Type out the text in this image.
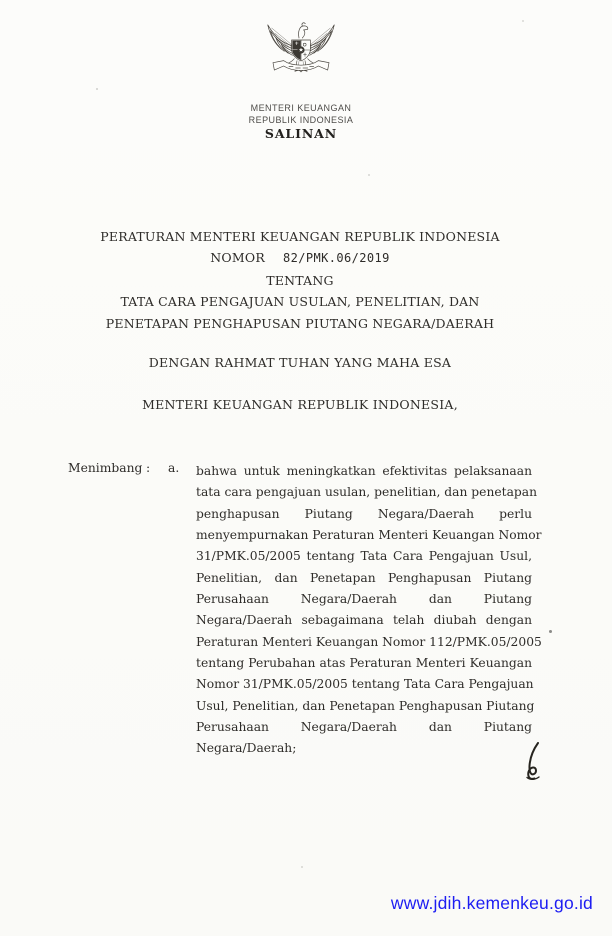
MENTERI KEUANGAN
REPUBLIK INDONESIA
SALINAN
PERATURAN MENTERI KEUANGAN REPUBLIK INDONESIA
NOMOR 82/PMK.06/2019
TENTANG
TATA CARA PENGAJUAN USULAN, PENELITIAN, DAN
PENETAPAN PENGHAPUSAN PIUTANG NEGARA/DAERAH
DENGAN RAHMAT TUHAN YANG MAHA ESA
MENTERI KEUANGAN REPUBLIK INDONESIA,
Menimbang : a. bahwa untuk meningkatkan efektivitas pelaksanaan
tata cara pengajuan usulan, penelitian, dan penetapan
penghapusan Piutang Negara/Daerah perlu
menyempurnakan Peraturan Menteri Keuangan Nomor
31/PMK.05/2005 tentang Tata Cara Pengajuan Usul,
Penelitian, dan Penetapan Penghapusan Piutang
Perusahaan Negara/Daerah dan Piutang
Negara/Daerah sebagaimana telah diubah dengan
Peraturan Menteri Keuangan Nomor 112/PMK.05/2005
tentang Perubahan atas Peraturan Menteri Keuangan
Nomor 31/PMK.05/2005 tentang Tata Cara Pengajuan
Usul, Penelitian, dan Penetapan Penghapusan Piutang
Perusahaan Negara/Daerah dan Piutang
Negara/Daerah;
www.jdih.kemenkeu.go.id
